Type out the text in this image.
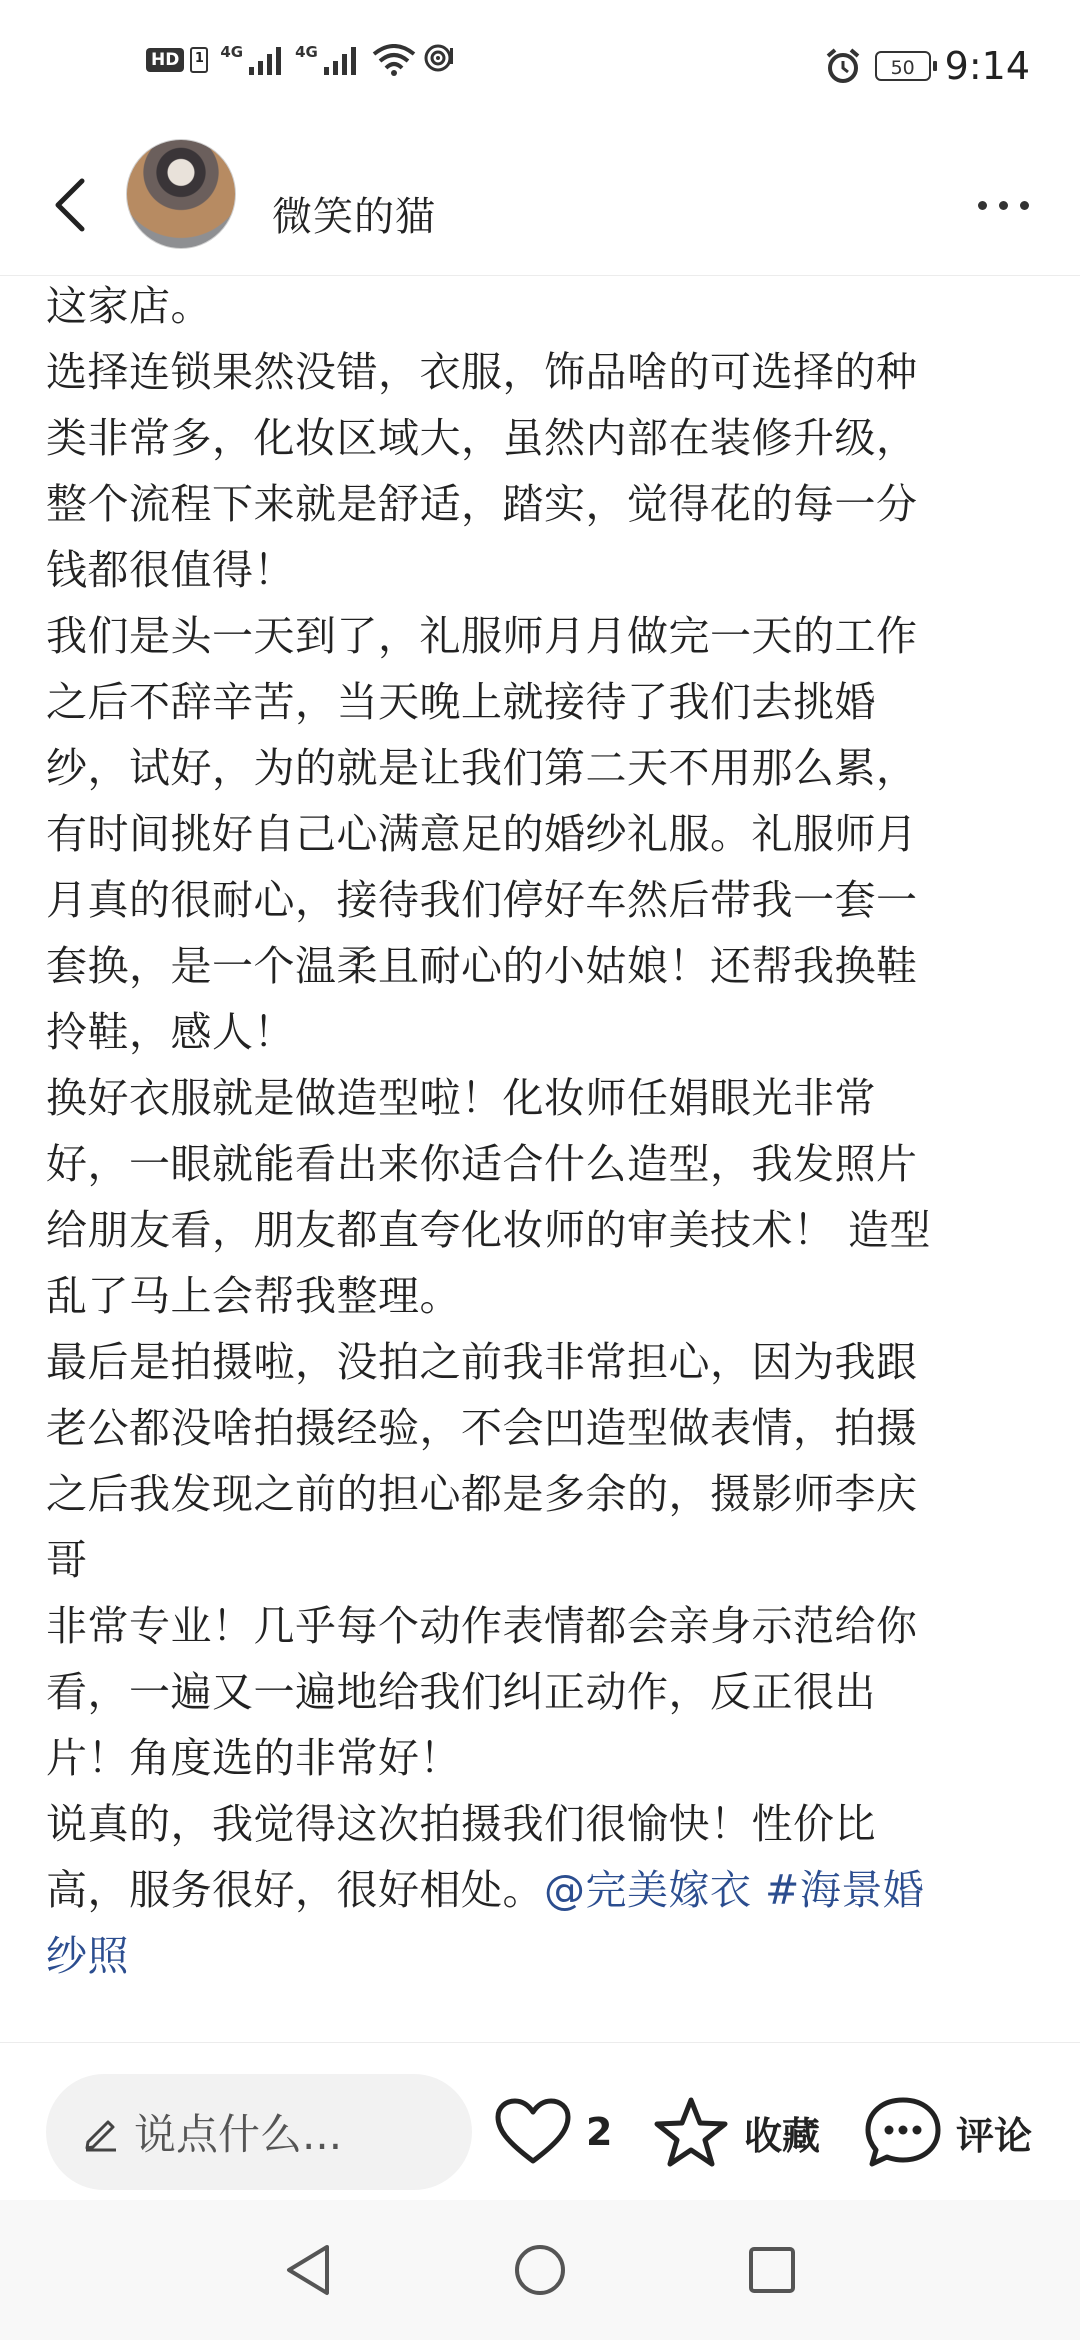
HD	1 4G	4G
50 9:14
微笑的猫
这家店。
选择连锁果然没错，衣服，饰品啥的可选择的种
类非常多，化妆区域大，虽然内部在装修升级，
整个流程下来就是舒适，踏实，觉得花的每一分
钱都很值得！
我们是头一天到了，礼服师月月做完一天的工作
之后不辞辛苦，当天晚上就接待了我们去挑婚
纱，试好，为的就是让我们第二天不用那么累，
有时间挑好自己心满意足的婚纱礼服。礼服师月
月真的很耐心，接待我们停好车然后带我一套一
套换，是一个温柔且耐心的小姑娘！还帮我换鞋
拎鞋，感人！
换好衣服就是做造型啦！化妆师任娟眼光非常
好，一眼就能看出来你适合什么造型，我发照片
给朋友看，朋友都直夸化妆师的审美技术！ 造型
乱了马上会帮我整理。
最后是拍摄啦，没拍之前我非常担心，因为我跟
老公都没啥拍摄经验，不会凹造型做表情，拍摄
之后我发现之前的担心都是多余的，摄影师李庆
哥
非常专业！几乎每个动作表情都会亲身示范给你
看，一遍又一遍地给我们纠正动作，反正很出
片！角度选的非常好！
说真的，我觉得这次拍摄我们很愉快！性价比
高，服务很好，很好相处。@完美嫁衣 #海景婚
纱照
说点什么...	2	收藏	评论
